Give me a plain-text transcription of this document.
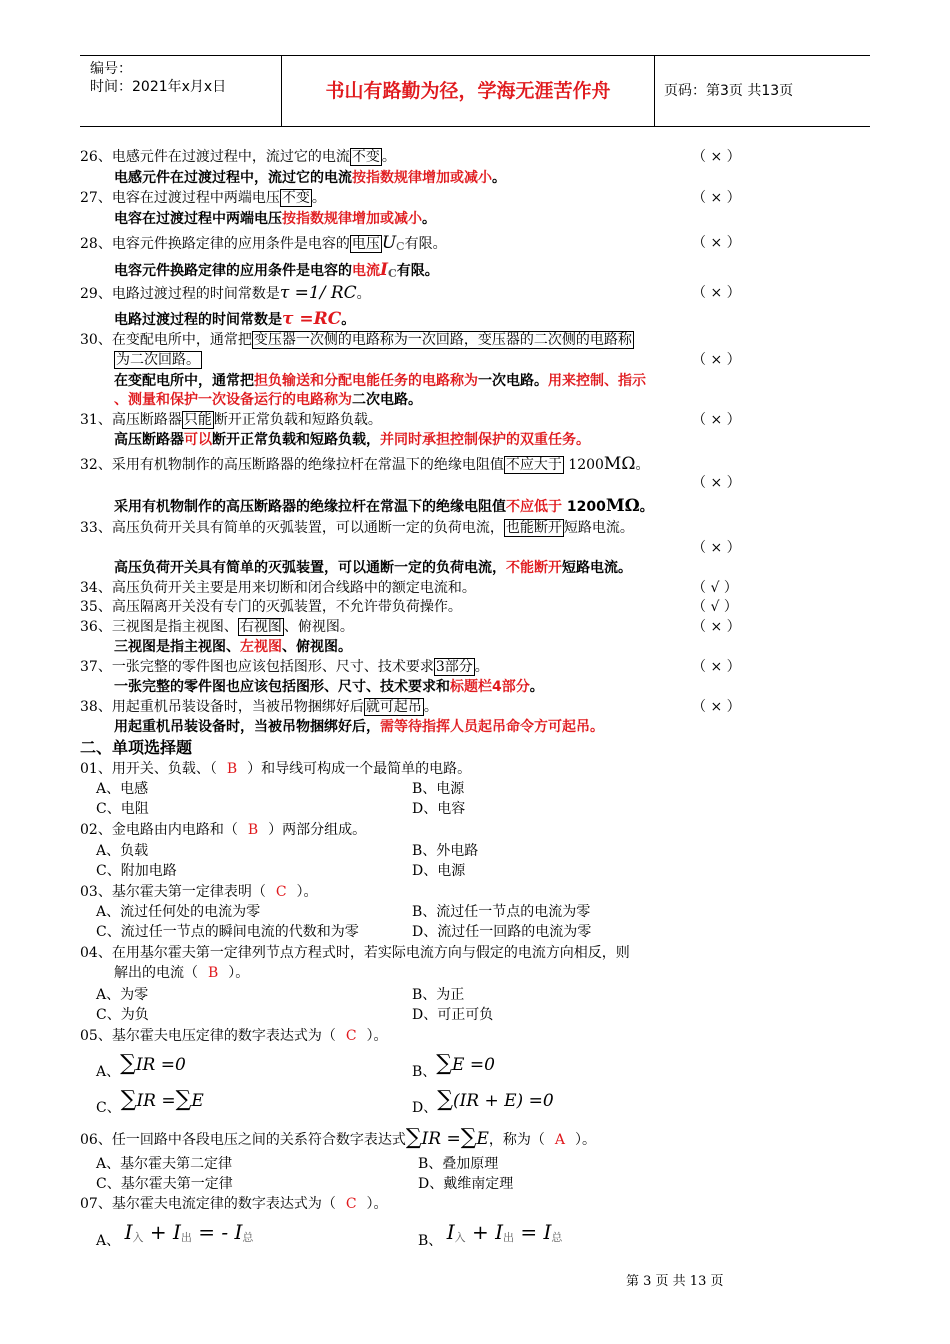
编号：
时间：2021年x月x日	书山有路勤为径，学海无涯苦作舟	页码：第3页 共13页
26、电感元件在过渡过程中，流过它的电流 不变 。	（ × ）
电感元件在过渡过程中，流过它的电流按指数规律增加或减小。
27、电容在过渡过程中两端电压 不变 。	（ × ）
电容在过渡过程中两端电压按指数规律增加或减小。
28、电容元件换路定律的应用条件是电容的 电压 UC有限。	（ × ）
电容元件换路定律的应用条件是电容的电流IC有限。
29、电路过渡过程的时间常数是τ =1/ RC。	（ × ）
电路过渡过程的时间常数是τ =RC。
30、在变配电所中，通常把 变压器一次侧的电路称为一次回路，变压器的二次侧的电路称
为二次回路。	（ × ）
在变配电所中，通常把担负输送和分配电能任务的电路称为一次电路。用来控制、指示
、测量和保护一次设备运行的电路称为二次电路。
31、高压断路器 只能 断开正常负载和短路负载。	（ × ）
高压断路器可以断开正常负载和短路负载，并同时承担控制保护的双重任务。
32、采用有机物制作的高压断路器的绝缘拉杆在常温下的绝缘电阻值 不应大于 1200MΩ。
（ × ）
采用有机物制作的高压断路器的绝缘拉杆在常温下的绝缘电阻值不应低于 1200MΩ。
33、高压负荷开关具有简单的灭弧装置，可以通断一定的负荷电流， 也能断开 短路电流。
（ × ）
高压负荷开关具有简单的灭弧装置，可以通断一定的负荷电流，不能断开短路电流。
34、高压负荷开关主要是用来切断和闭合线路中的额定电流和。	（ √ ）
35、高压隔离开关没有专门的灭弧装置，不允许带负荷操作。	（ √ ）
36、三视图是指主视图、 右视图 、俯视图。	（ × ）
三视图是指主视图、左视图、俯视图。
37、一张完整的零件图也应该包括图形、尺寸、技术要求 3部分 。	（ × ）
一张完整的零件图也应该包括图形、尺寸、技术要求和标题栏4部分。
38、用起重机吊装设备时，当被吊物捆绑好后 就可起吊 。	（ × ）
用起重机吊装设备时，当被吊物捆绑好后，需等待指挥人员起吊命令方可起吊。
二、单项选择题
01、用开关、负载、（ B ）和导线可构成一个最简单的电路。
A、电感	B、电源
C、电阻	D、电容
02、金电路由内电路和（ B ）两部分组成。
A、负载	B、外电路
C、附加电路	D、电源
03、基尔霍夫第一定律表明（ C ）。
A、流过任何处的电流为零	B、流过任一节点的电流为零
C、流过任一节点的瞬间电流的代数和为零	D、流过任一回路的电流为零
04、在用基尔霍夫第一定律列节点方程式时，若实际电流方向与假定的电流方向相反，则
解出的电流（ B ）。
A、为零	B、为正
C、为负	D、可正可负
05、基尔霍夫电压定律的数字表达式为（ C ）。
A、∑IR =0	B、∑E =0
C、∑IR =∑E	D、∑(IR + E) =0
06、任一回路中各段电压之间的关系符合数字表达式∑IR =∑E，称为（ A ）。
A、基尔霍夫第二定律	B、叠加原理
C、基尔霍夫第一定律	D、戴维南定理
07、基尔霍夫电流定律的数字表达式为（ C ）。
A、 I入 + I出 = - I总	B、 I入 + I出 = I总
第 3 页 共 13 页
